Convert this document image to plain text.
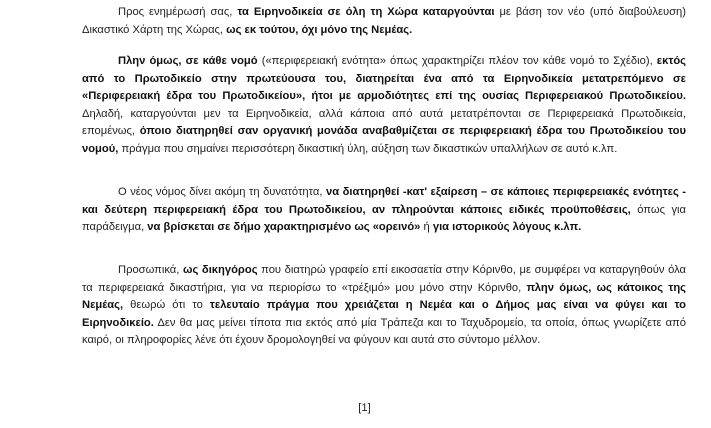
Προς ενημέρωσή σας, τα Ειρηνοδικεία σε όλη τη Χώρα καταργούνται με βάση τον νέο (υπό διαβούλευση) Δικαστικό Χάρτη της Χώρας, ως εκ τούτου, όχι μόνο της Νεμέας.

Πλην όμως, σε κάθε νομό («περιφερειακή ενότητα» όπως χαρακτηρίζει πλέον τον κάθε νομό το Σχέδιο), εκτός από το Πρωτοδικείο στην πρωτεύουσα του, διατηρείται ένα από τα Ειρηνοδικεία μετατρεπόμενο σε «Περιφερειακή έδρα του Πρωτοδικείου», ήτοι με αρμοδιότητες επί της ουσίας Περιφερειακού Πρωτοδικείου. Δηλαδή, καταργούνται μεν τα Ειρηνοδικεία, αλλά κάποια από αυτά μετατρέπονται σε Περιφερειακά Πρωτοδικεία, επομένως, όποιο διατηρηθεί σαν οργανική μονάδα αναβαθμίζεται σε περιφερειακή έδρα του Πρωτοδικείου του νομού, πράγμα που σημαίνει περισσότερη δικαστική ύλη, αύξηση των δικαστικών υπαλλήλων σε αυτό κ.λπ.

Ο νέος νόμος δίνει ακόμη τη δυνατότητα, να διατηρηθεί -κατ' εξαίρεση – σε κάποιες περιφερειακές ενότητες - και δεύτερη περιφερειακή έδρα του Πρωτοδικείου, αν πληρούνται κάποιες ειδικές προϋποθέσεις, όπως για παράδειγμα, να βρίσκεται σε δήμο χαρακτηρισμένο ως «ορεινό» ή για ιστορικούς λόγους κ.λπ.

Προσωπικά, ως δικηγόρος που διατηρώ γραφείο επί εικοσαετία στην Κόρινθο, με συμφέρει να καταργηθούν όλα τα περιφερειακά δικαστήρια, για να περιορίσω το «τρέξιμό» μου μόνο στην Κόρινθο, πλην όμως, ως κάτοικος της Νεμέας, θεωρώ ότι το τελευταίο πράγμα που χρειάζεται η Νεμέα και ο Δήμος μας είναι να φύγει και το Ειρηνοδικείο. Δεν θα μας μείνει τίποτα πια εκτός από μία Τράπεζα και το Ταχυδρομείο, τα οποία, όπως γνωρίζετε από καιρό, οι πληροφορίες λένε ότι έχουν δρομολογηθεί να φύγουν και αυτά στο σύντομο μέλλον.

[1]
